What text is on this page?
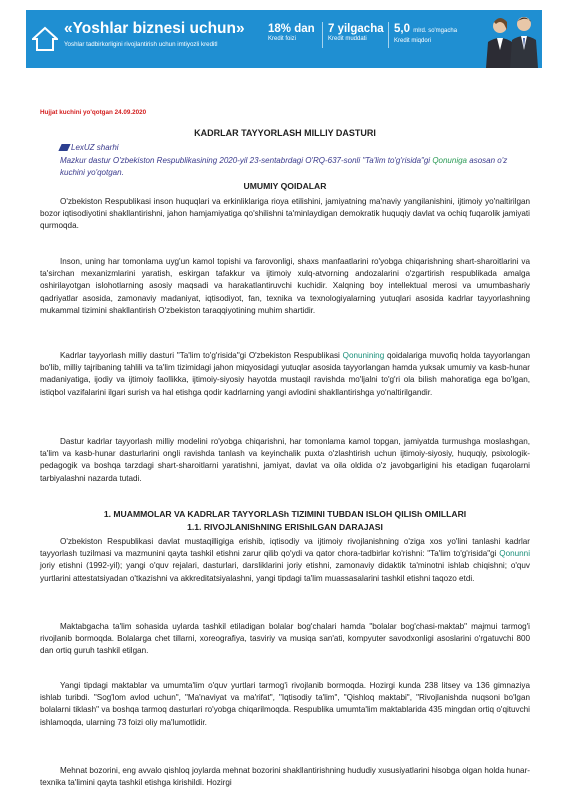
«Yoshlar biznesi uchun»
Yoshlar tadbirkorligini rivojlantirish uchun imtiyozli kreditl
18% dan
Kredit foizi
7 yilgacha
Kredit muddati
5,0 mlrd. so'mgacha
Kredit miqdori
Hujjat kuchini yo'qotgan 24.09.2020
KADRLAR TAYYORLASH MILLIY DASTURI
LexUZ sharhi
Mazkur dastur O'zbekiston Respublikasining 2020-yil 23-sentabrdagi O'RQ-637-sonli "Ta'lim to'g'risida"gi Qonuniga asosan o'z kuchini yo'qotgan.
UMUMIY QOIDALAR

O'zbekiston Respublikasi inson huquqlari va erkinliklariga rioya etilishini, jamiyatning ma'naviy yangilanishini, ijtimoiy yo'naltirilgan bozor iqtisodiyotini shakllantirishni, jahon hamjamiyatiga qo'shilishni ta'minlaydigan demokratik huquqiy davlat va ochiq fuqarolik jamiyati qurmoqda.

Inson, uning har tomonlama uyg'un kamol topishi va farovonligi, shaxs manfaatlarini ro'yobga chiqarishning shart-sharoitlarini va ta'sirchan mexanizmlarini yaratish, eskirgan tafakkur va ijtimoiy xulq-atvorning andozalarini o'zgartirish respublikada amalga oshirilayotgan islohotlarning asosiy maqsadi va harakatlantiruvchi kuchidir. Xalqning boy intellektual merosi va umumbashariy qadriyatlar asosida, zamonaviy madaniyat, iqtisodiyot, fan, texnika va texnologiyalarning yutuqlari asosida kadrlar tayyorlashning mukammal tizimini shakllantirish O'zbekiston taraqqiyotining muhim shartidir.

Kadrlar tayyorlash milliy dasturi "Ta'lim to'g'risida"gi O'zbekiston Respublikasi Qonunining qoidalariga muvofiq holda tayyorlangan bo'lib, milliy tajribaning tahlili va ta'lim tizimidagi jahon miqyosidagi yutuqlar asosida tayyorlangan hamda yuksak umumiy va kasb-hunar madaniyatiga, ijodiy va ijtimoiy faollikka, ijtimoiy-siyosiy hayotda mustaqil ravishda mo'ljalni to'g'ri ola bilish mahoratiga ega bo'lgan, istiqbol vazifalarini ilgari surish va hal etishga qodir kadrlarning yangi avlodini shakllantirishga yo'naltirilgandir.

Dastur kadrlar tayyorlash milliy modelini ro'yobga chiqarishni, har tomonlama kamol topgan, jamiyatda turmushga moslashgan, ta'lim va kasb-hunar dasturlarini ongli ravishda tanlash va keyinchalik puxta o'zlashtirish uchun ijtimoiy-siyosiy, huquqiy, psixologik-pedagogik va boshqa tarzdagi shart-sharoitlarni yaratishni, jamiyat, davlat va oila oldida o'z javobgarligini his etadigan fuqarolarni tarbiyalashni nazarda tutadi.

1. MUAMMOLAR VA KADRLAR TAYYORLASh TIZIMINI TUBDAN ISLOH QILISh OMILLARI
1.1. RIVOJLANIShNING ERIShILGAN DARAJASI

O'zbekiston Respublikasi davlat mustaqilligiga erishib, iqtisodiy va ijtimoiy rivojlanishning o'ziga xos yo'lini tanlashi kadrlar tayyorlash tuzilmasi va mazmunini qayta tashkil etishni zarur qilib qo'ydi va qator chora-tadbirlar ko'rishni: "Ta'lim to'g'risida"gi Qonunni joriy etishni (1992-yil); yangi o'quv rejalari, dasturlari, darsliklarini joriy etishni, zamonaviy didaktik ta'minotni ishlab chiqishni; o'quv yurtlarini attestatsiyadan o'tkazishni va akkreditatsiyalashni, yangi tipdagi ta'lim muassasalarini tashkil etishni taqozo etdi.

Maktabgacha ta'lim sohasida uylarda tashkil etiladigan bolalar bog'chalari hamda "bolalar bog'chasi-maktab" majmui tarmog'i rivojlanib bormoqda. Bolalarga chet tillarni, xoreografiya, tasviriy va musiqa san'ati, kompyuter savodxonligi asoslarini o'rgatuvchi 800 dan ortiq guruh tashkil etilgan.

Yangi tipdagi maktablar va umumta'lim o'quv yurtlari tarmog'i rivojlanib bormoqda. Hozirgi kunda 238 litsey va 136 gimnaziya ishlab turibdi. "Sog'lom avlod uchun", "Ma'naviyat va ma'rifat", "Iqtisodiy ta'lim", "Qishloq maktabi", "Rivojlanishda nuqsoni bo'lgan bolalarni tiklash" va boshqa tarmoq dasturlari ro'yobga chiqarilmoqda. Respublika umumta'lim maktablarida 435 mingdan ortiq o'qituvchi ishlamoqda, ularning 73 foizi oliy ma'lumotlidir.

Mehnat bozorini, eng avvalo qishloq joylarda mehnat bozorini shakllantirishning hududiy xususiyatlarini hisobga olgan holda hunar-texnika ta'limini qayta tashkil etishga kirishildi. Hozirgi
